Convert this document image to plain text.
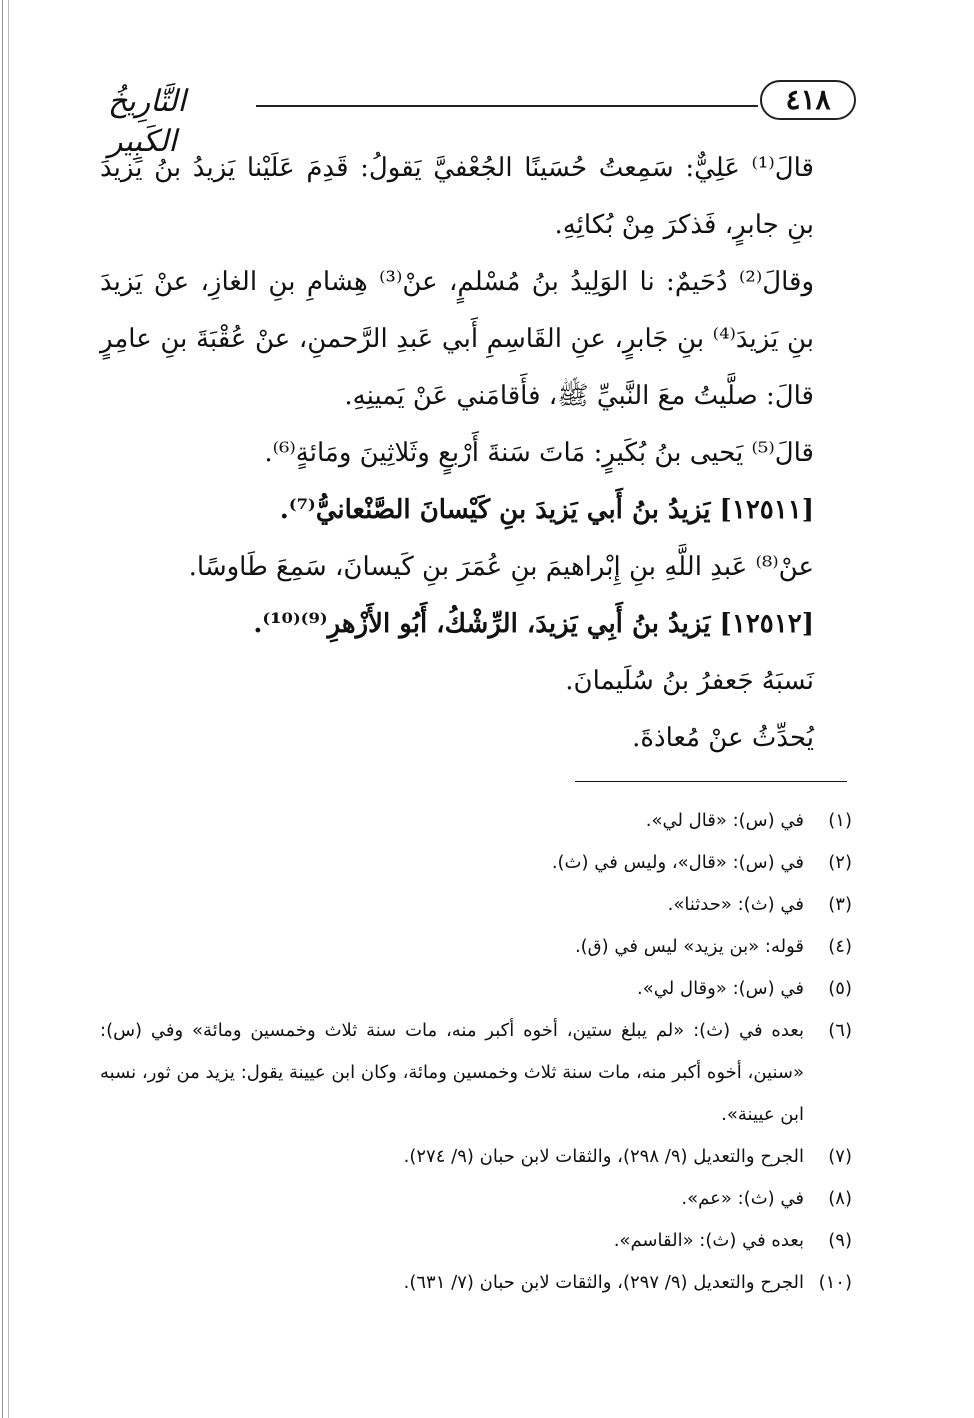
التَّارِيخُ الكَبِير
٤١٨

قالَ⁽¹⁾ عَلِيٌّ: سَمِعتُ حُسَينًا الجُعْفيَّ يَقولُ: قَدِمَ عَلَيْنا يَزيدُ بنُ يَزيدَ بنِ جابرٍ، فَذكرَ مِنْ بُكائِهِ.

وقالَ⁽²⁾ دُحَيمٌ: نا الوَلِيدُ بنُ مُسْلمٍ، عنْ⁽³⁾ هِشامِ بنِ الغازِ، عنْ يَزيدَ بنِ يَزيدَ⁽⁴⁾ بنِ جَابرٍ، عنِ القَاسِمِ أَبي عَبدِ الرَّحمنِ، عنْ عُقْبَةَ بنِ عامِرٍ قالَ: صلَّيتُ معَ النَّبيِّ ﷺ، فأَقامَني عَنْ يَمينِهِ.

قالَ⁽⁵⁾ يَحيى بنُ بُكَيرٍ: مَاتَ سَنةَ أَرْبعٍ وثَلاثِينَ ومَائةٍ⁽⁶⁾.

[١٢٥١١] يَزيدُ بنُ أَبي يَزيدَ بنِ كَيْسانَ الصَّنْعانيُّ⁽⁷⁾.

عنْ⁽⁸⁾ عَبدِ اللَّهِ بنِ إِبْراهيمَ بنِ عُمَرَ بنِ كَيسانَ، سَمِعَ طَاوسًا.

[١٢٥١٢] يَزيدُ بنُ أَبِي يَزيدَ، الرِّشْكُ، أَبُو الأَزْهرِ⁽⁹⁾⁽¹⁰⁾.

نَسبَهُ جَعفرُ بنُ سُلَيمانَ.

يُحدِّثُ عنْ مُعاذةَ.

(١)
في (س): «قال لي».
(٢)
في (س): «قال»، وليس في (ث).
(٣)
في (ث): «حدثنا».
(٤)
قوله: «بن يزيد» ليس في (ق).
(٥)
في (س): «وقال لي».
(٦)
بعده في (ث): «لم يبلغ ستين، أخوه أكبر منه، مات سنة ثلاث وخمسين ومائة» وفي (س): «سنين، أخوه أكبر منه، مات سنة ثلاث وخمسين ومائة، وكان ابن عيينة يقول: يزيد من ثور، نسبه ابن عيينة».
(٧)
الجرح والتعديل (٩/ ٢٩٨)، والثقات لابن حبان (٩/ ٢٧٤).
(٨)
في (ث): «عم».
(٩)
بعده في (ث): «القاسم».
(١٠)
الجرح والتعديل (٩/ ٢٩٧)، والثقات لابن حبان (٧/ ٦٣١).
